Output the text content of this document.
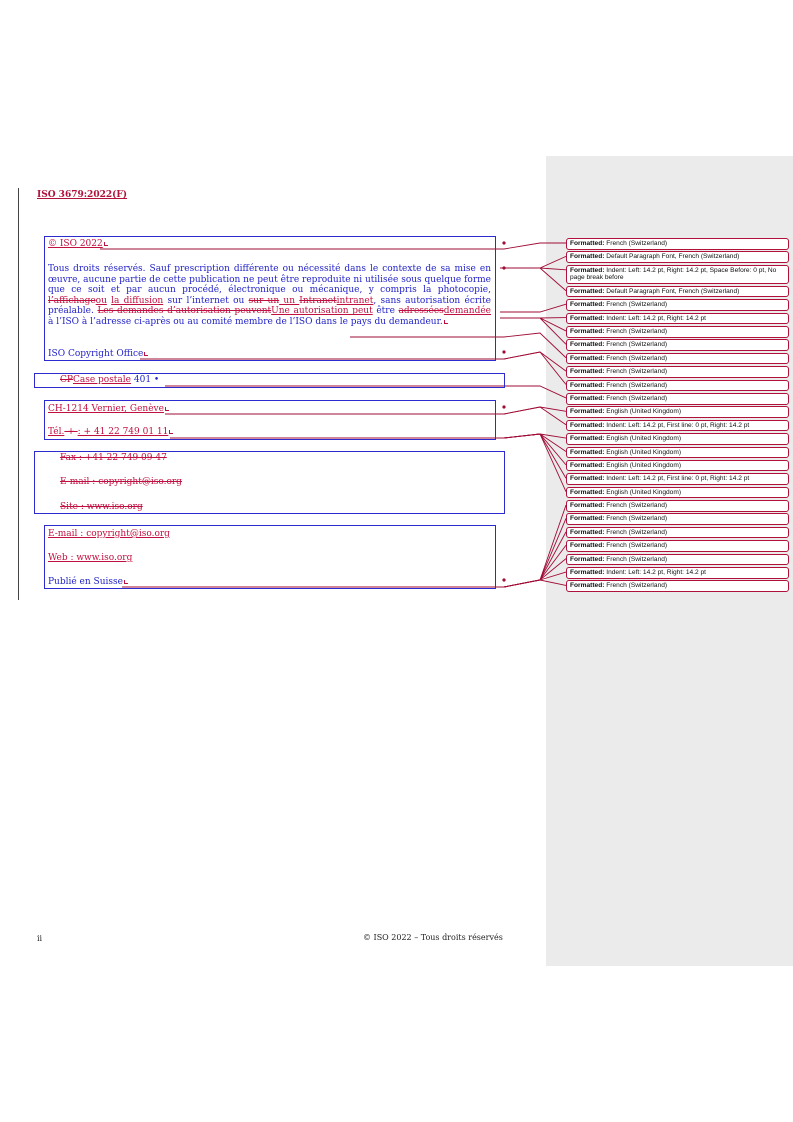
ISO 3679:2022(F)
© ISO 2022
Tous droits réservés. Sauf prescription différente ou nécessité dans le contexte de sa mise en œuvre, aucune partie de cette publication ne peut être reproduite ni utilisée sous quelque forme que ce soit et par aucun procédé, électronique ou mécanique, y compris la photocopie, l’affichageou la diffusion sur l’internet ou sur un un Intranetintranet, sans autorisation écrite préalable. Les demandes d’autorisation peuventUne autorisation peut être adresséesdemandée à l’ISO à l’adresse ci-après ou au comité membre de l’ISO dans le pays du demandeur.
ISO Copyright Office
CPCase postale 401 •
CH-1214 Vernier, Genève
Tél. + : + 41 22 749 01 11
Fax : +41 22 749 09 47
E-mail : copyright@iso.org
Site : www.iso.org
E-mail : copyright@iso.org
Web : www.iso.org
Publié en Suisse
Formatted: French (Switzerland)
Formatted: Default Paragraph Font, French (Switzerland)
Formatted: Indent: Left: 14.2 pt, Right: 14.2 pt, Space Before: 0 pt, No page break before
Formatted: Default Paragraph Font, French (Switzerland)
Formatted: French (Switzerland)
Formatted: Indent: Left: 14.2 pt, Right: 14.2 pt
Formatted: French (Switzerland)
Formatted: French (Switzerland)
Formatted: French (Switzerland)
Formatted: French (Switzerland)
Formatted: French (Switzerland)
Formatted: French (Switzerland)
Formatted: English (United Kingdom)
Formatted: Indent: Left: 14.2 pt, First line: 0 pt, Right: 14.2 pt
Formatted: English (United Kingdom)
Formatted: English (United Kingdom)
Formatted: English (United Kingdom)
Formatted: Indent: Left: 14.2 pt, First line: 0 pt, Right: 14.2 pt
Formatted: English (United Kingdom)
Formatted: French (Switzerland)
Formatted: French (Switzerland)
Formatted: French (Switzerland)
Formatted: French (Switzerland)
Formatted: French (Switzerland)
Formatted: Indent: Left: 14.2 pt, Right: 14.2 pt
Formatted: French (Switzerland)
ii	© ISO 2022 – Tous droits réservés
